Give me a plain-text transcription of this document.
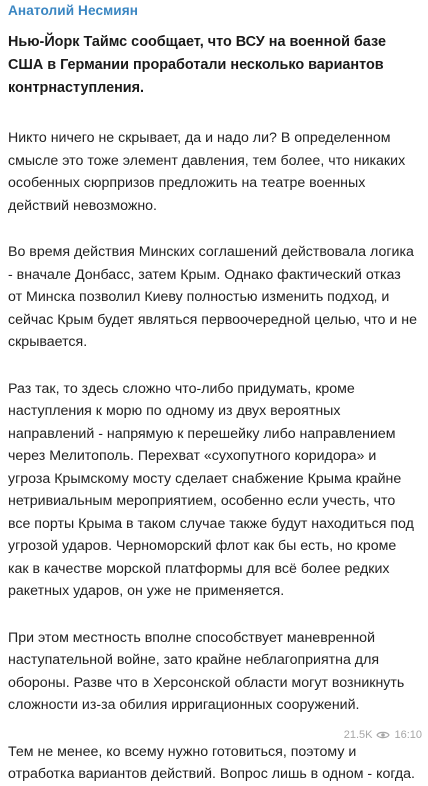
Анатолий Несмиян
Нью-Йорк Таймс сообщает, что ВСУ на военной базе США в Германии проработали несколько вариантов контрнаступления.

Никто ничего не скрывает, да и надо ли? В определенном смысле это тоже элемент давления, тем более, что никаких особенных сюрпризов предложить на театре военных действий невозможно.

Во время действия Минских соглашений действовала логика - вначале Донбасс, затем Крым. Однако фактический отказ от Минска позволил Киеву полностью изменить подход, и сейчас Крым будет являться первоочередной целью, что и не скрывается.

Раз так, то здесь сложно что-либо придумать, кроме наступления к морю по одному из двух вероятных направлений - напрямую к перешейку либо направлением через Мелитополь. Перехват «сухопутного коридора» и угроза Крымскому мосту сделает снабжение Крыма крайне нетривиальным мероприятием, особенно если учесть, что все порты Крыма в таком случае также будут находиться под угрозой ударов. Черноморский флот как бы есть, но кроме как в качестве морской платформы для всё более редких ракетных ударов, он уже не применяется.

При этом местность вполне способствует маневренной наступательной войне, зато крайне неблагоприятна для обороны. Разве что в Херсонской области могут возникнуть сложности из-за обилия ирригационных сооружений.

Тем не менее, ко всему нужно готовиться, поэтому и отработка вариантов действий. Вопрос лишь в одном - когда.

21.5K 16:10
